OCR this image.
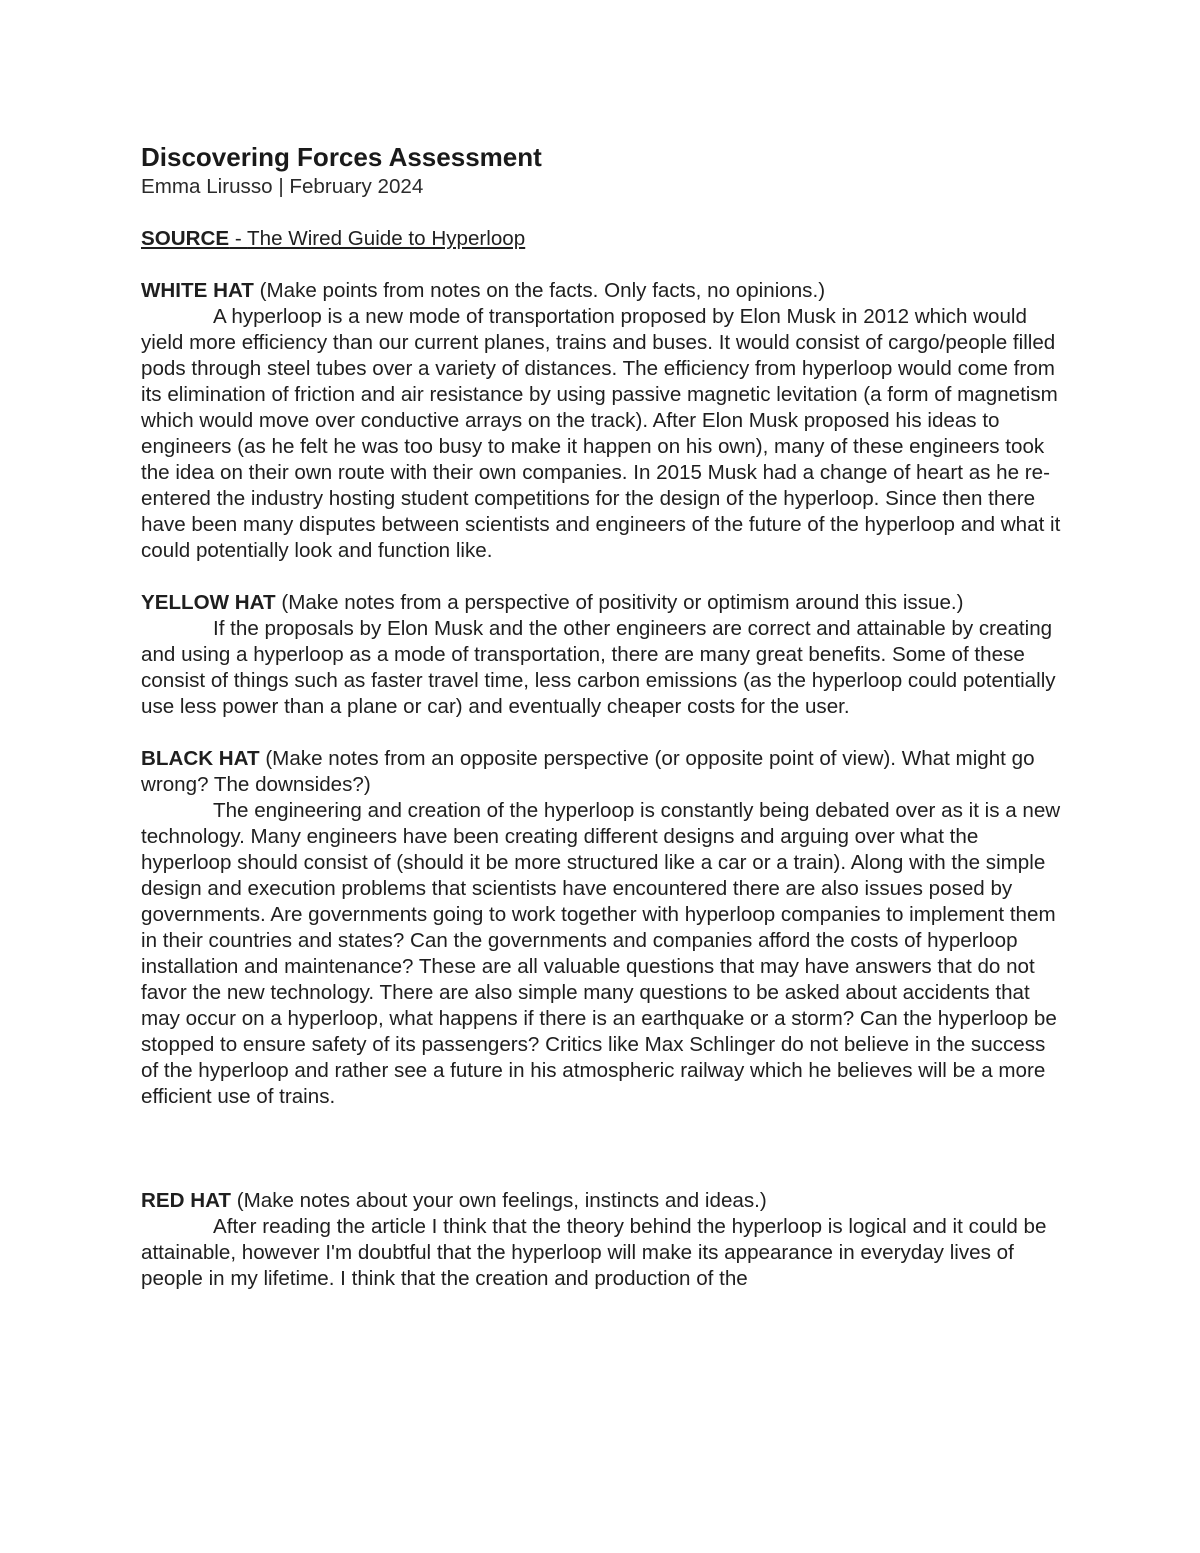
Discovering Forces Assessment

Emma Lirusso | February 2024

SOURCE - The Wired Guide to Hyperloop

WHITE HAT (Make points from notes on the facts. Only facts, no opinions.)

A hyperloop is a new mode of transportation proposed by Elon Musk in 2012 which would yield more efficiency than our current planes, trains and buses. It would consist of cargo/people filled pods through steel tubes over a variety of distances. The efficiency from hyperloop would come from its elimination of friction and air resistance by using passive magnetic levitation (a form of magnetism which would move over conductive arrays on the track). After Elon Musk proposed his ideas to engineers (as he felt he was too busy to make it happen on his own), many of these engineers took the idea on their own route with their own companies. In 2015 Musk had a change of heart as he re-entered the industry hosting student competitions for the design of the hyperloop. Since then there have been many disputes between scientists and engineers of the future of the hyperloop and what it could potentially look and function like.

YELLOW HAT (Make notes from a perspective of positivity or optimism around this issue.)

If the proposals by Elon Musk and the other engineers are correct and attainable by creating and using a hyperloop as a mode of transportation, there are many great benefits. Some of these consist of things such as faster travel time, less carbon emissions (as the hyperloop could potentially use less power than a plane or car) and eventually cheaper costs for the user.

BLACK HAT (Make notes from an opposite perspective (or opposite point of view). What might go wrong? The downsides?)

The engineering and creation of the hyperloop is constantly being debated over as it is a new technology. Many engineers have been creating different designs and arguing over what the hyperloop should consist of (should it be more structured like a car or a train). Along with the simple design and execution problems that scientists have encountered there are also issues posed by governments. Are governments going to work together with hyperloop companies to implement them in their countries and states? Can the governments and companies afford the costs of hyperloop installation and maintenance? These are all valuable questions that may have answers that do not favor the new technology. There are also simple many questions to be asked about accidents that may occur on a hyperloop, what happens if there is an earthquake or a storm? Can the hyperloop be stopped to ensure safety of its passengers? Critics like Max Schlinger do not believe in the success of the hyperloop and rather see a future in his atmospheric railway which he believes will be a more efficient use of trains.

RED HAT (Make notes about your own feelings, instincts and ideas.)

After reading the article I think that the theory behind the hyperloop is logical and it could be attainable, however I'm doubtful that the hyperloop will make its appearance in everyday lives of people in my lifetime. I think that the creation and production of the
